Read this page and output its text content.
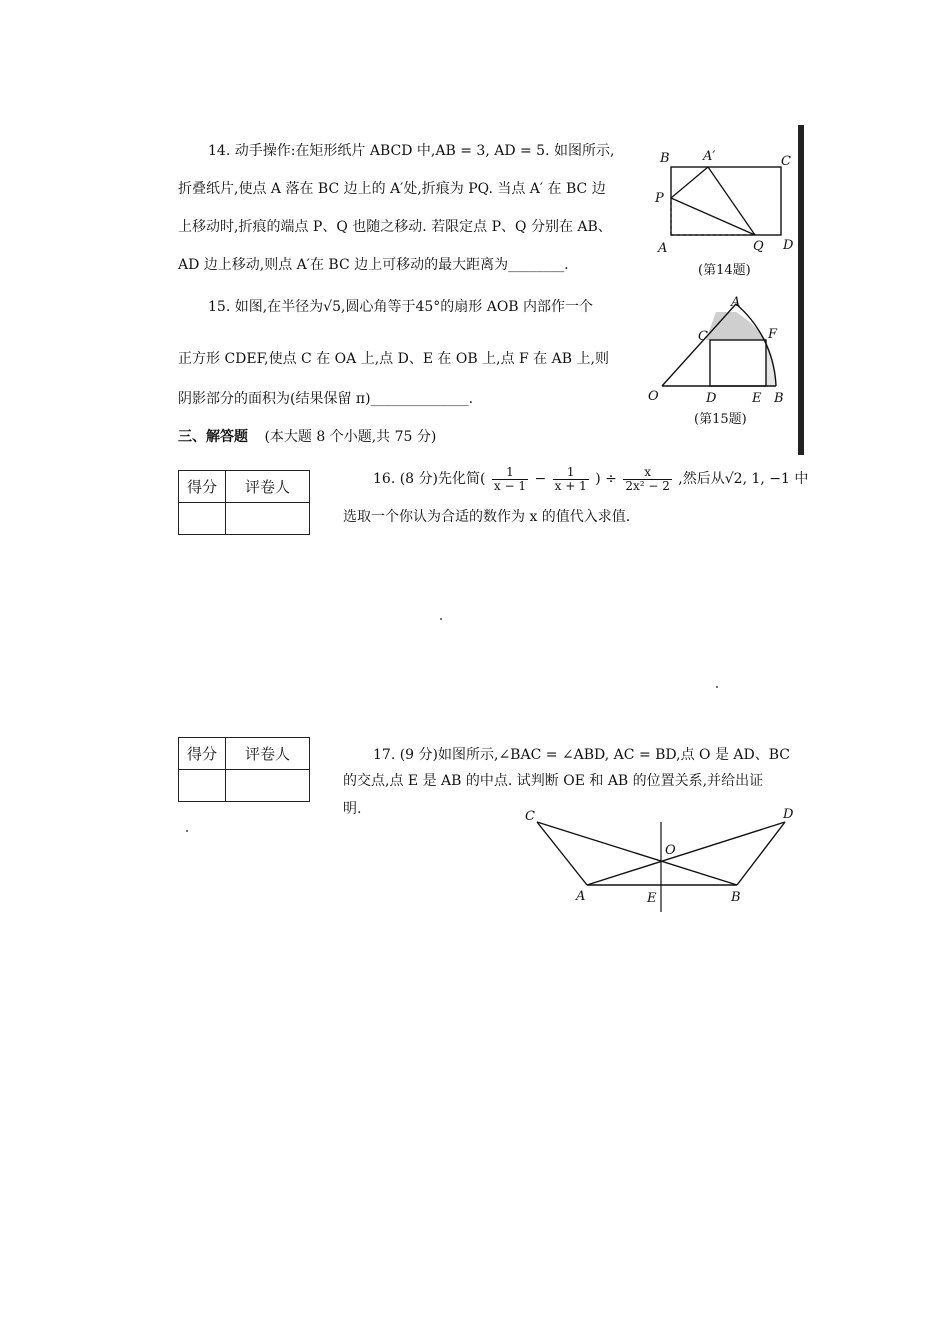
14. 动手操作:在矩形纸片 ABCD 中,AB = 3, AD = 5. 如图所示,
折叠纸片,使点 A 落在 BC 边上的 A′处,折痕为 PQ. 当点 A′ 在 BC 边
上移动时,折痕的端点 P、Q 也随之移动. 若限定点 P、Q 分别在 AB、
AD 边上移动,则点 A′在 BC 边上可移动的最大距离为________.
B	A′	C
P
A	Q D
(第14题)
15. 如图,在半径为√5,圆心角等于45°的扇形 AOB 内部作一个
正方形 CDEF,使点 C 在 OA 上,点 D、E 在 OB 上,点 F 在 AB 上,则
阴影部分的面积为(结果保留 π)______________.
A
C	F
O	D	E B
(第15题)
三、解答题 (本大题 8 个小题,共 75 分)
得分	评卷人
		16. (8 分)先化简( $\frac{1}{x - 1} - \frac{1}{x + 1}$ ) ÷ $\frac{x}{\text{2x² − 2}}$ ,然后从√2, 1, −1 中
选取一个你认为合适的数作为 x 的值代入求值.
得分	评卷人
		17. (9 分)如图所示,∠BAC = ∠ABD, AC = BD,点 O 是 AD、BC
的交点,点 E 是 AB 的中点. 试判断 OE 和 AB 的位置关系,并给出证
明.	C	D
O
A	E	B
